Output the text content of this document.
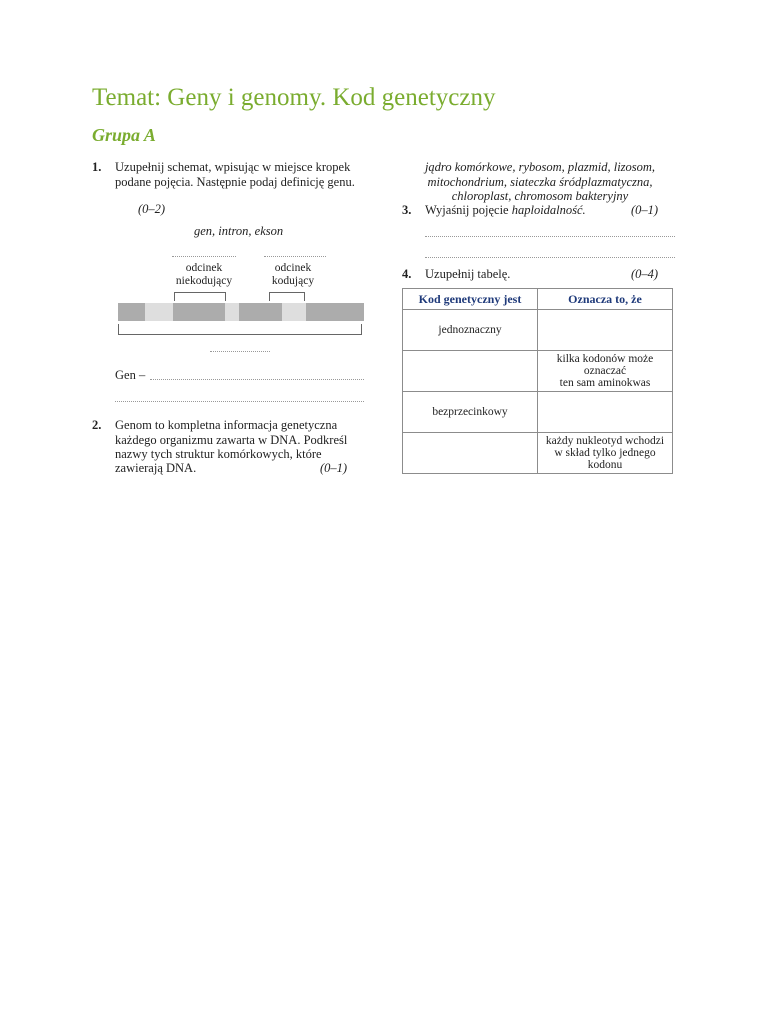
Temat: Geny i genomy. Kod genetyczny
Grupa A
1. Uzupełnij schemat, wpisując w miejsce kropek
podane pojęcia. Następnie podaj definicję genu.
(0–2)
gen, intron, ekson
odcinek
niekodujący
odcinek
kodujący
Gen –
2. Genom to kompletna informacja genetyczna
każdego organizmu zawarta w DNA. Podkreśl
nazwy tych struktur komórkowych, które
zawierają DNA.	(0–1)
jądro komórkowe, rybosom, plazmid, lizosom,
mitochondrium, siateczka śródplazmatyczna,
chloroplast, chromosom bakteryjny
3. Wyjaśnij pojęcie haploidalność.	(0–1)
4. Uzupełnij tabelę.	(0–4)
Kod genetyczny jest	Oznacza to, że
jednoznaczny	

	kilka kodonów może oznaczać
ten sam aminokwas

bezprzecinkowy	

	każdy nukleotyd wchodzi
w skład tylko jednego kodonu
